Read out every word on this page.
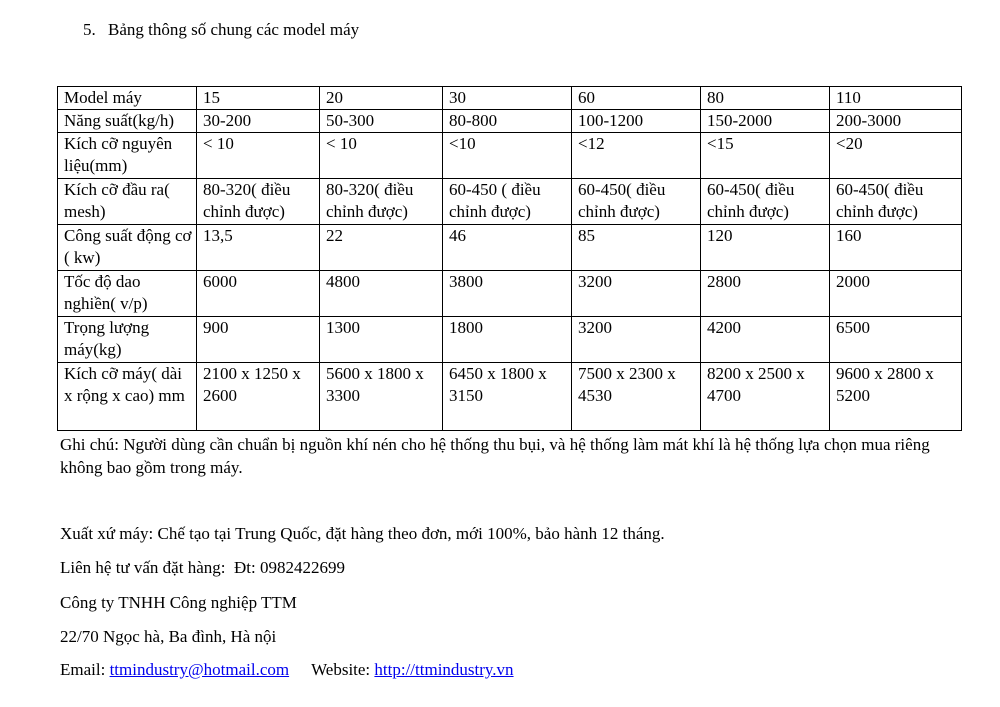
5. Bảng thông số chung các model máy
Model máy	15	20	30	60	80	110
Năng suất(kg/h)	30-200	50-300	80-800	100-1200	150-2000	200-3000
Kích cỡ nguyên liệu(mm)	< 10	< 10	<10	<12	<15	<20
Kích cỡ đầu ra( mesh)	80-320( điều chỉnh được)	80-320( điều chỉnh được)	60-450 ( điều chỉnh được)	60-450( điều chỉnh được)	60-450( điều chỉnh được)	60-450( điều chỉnh được)
Công suất động cơ ( kw)	13,5	22	46	85	120	160
Tốc độ dao nghiền( v/p)	6000	4800	3800	3200	2800	2000
Trọng lượng máy(kg)	900	1300	1800	3200	4200	6500
Kích cỡ máy( dài x rộng x cao) mm	2100 x 1250 x 2600	5600 x 1800 x 3300	6450 x 1800 x 3150	7500 x 2300 x 4530	8200 x 2500 x 4700	9600 x 2800 x 5200
Ghi chú: Người dùng cần chuẩn bị nguồn khí nén cho hệ thống thu bụi, và hệ thống làm mát khí là hệ thống lựa chọn mua riêng không bao gồm trong máy.
Xuất xứ máy: Chế tạo tại Trung Quốc, đặt hàng theo đơn, mới 100%, bảo hành 12 tháng.
Liên hệ tư vấn đặt hàng:  Đt: 0982422699
Công ty TNHH Công nghiệp TTM
22/70 Ngọc hà, Ba đình, Hà nội
Email: ttmindustry@hotmail.com Website: http://ttmindustry.vn
